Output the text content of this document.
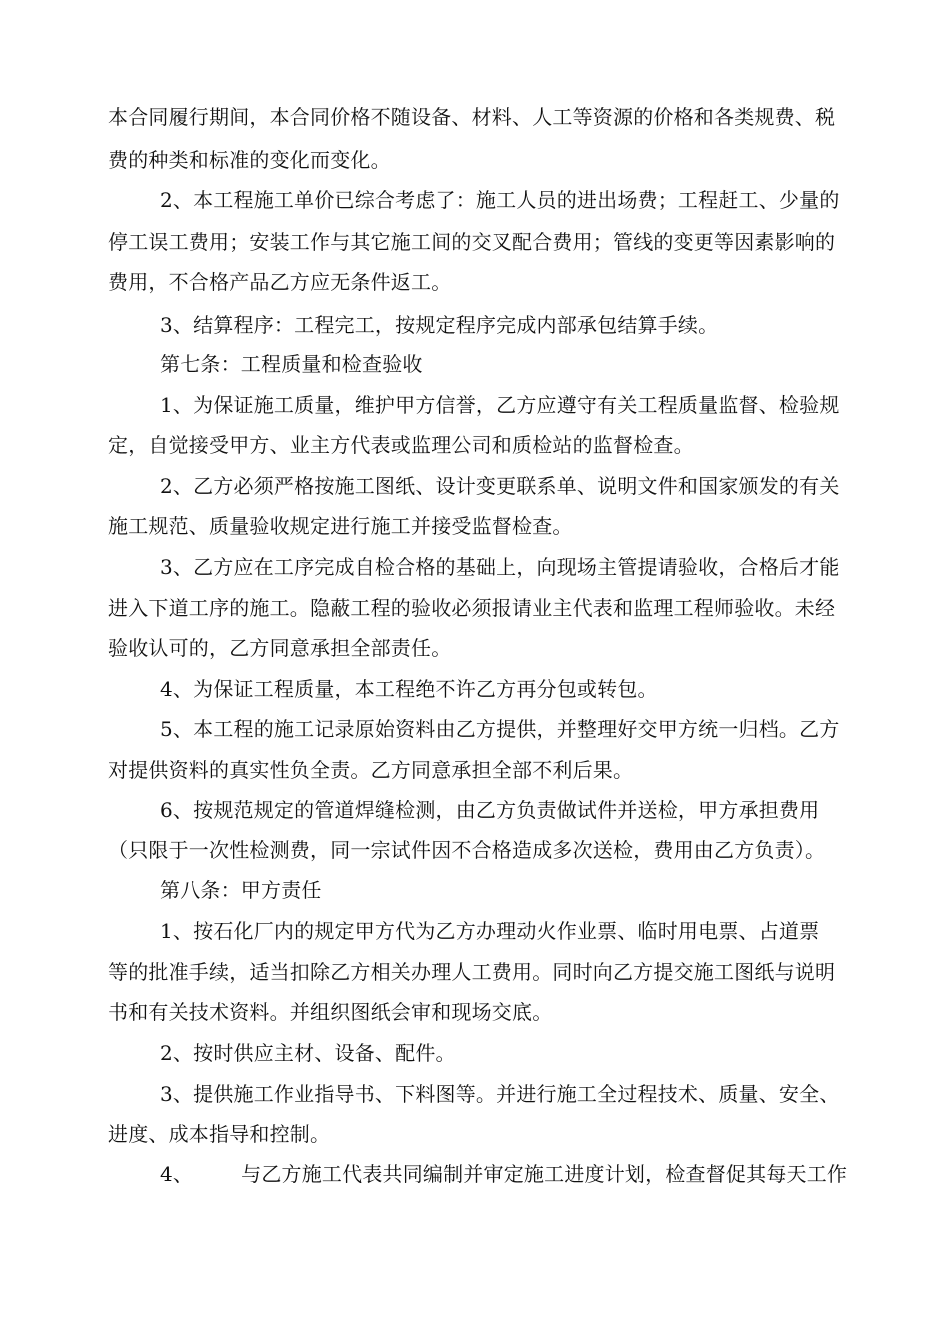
本合同履行期间，本合同价格不随设备、材料、人工等资源的价格和各类规费、税
费的种类和标准的变化而变化。
2、本工程施工单价已综合考虑了：施工人员的进出场费；工程赶工、少量的
停工误工费用；安装工作与其它施工间的交叉配合费用；管线的变更等因素影响的
费用，不合格产品乙方应无条件返工。
3、结算程序：工程完工，按规定程序完成内部承包结算手续。
第七条：工程质量和检查验收
1、为保证施工质量，维护甲方信誉，乙方应遵守有关工程质量监督、检验规
定，自觉接受甲方、业主方代表或监理公司和质检站的监督检查。
2、乙方必须严格按施工图纸、设计变更联系单、说明文件和国家颁发的有关
施工规范、质量验收规定进行施工并接受监督检查。
3、乙方应在工序完成自检合格的基础上，向现场主管提请验收，合格后才能
进入下道工序的施工。隐蔽工程的验收必须报请业主代表和监理工程师验收。未经
验收认可的，乙方同意承担全部责任。
4、为保证工程质量，本工程绝不许乙方再分包或转包。
5、本工程的施工记录原始资料由乙方提供，并整理好交甲方统一归档。乙方
对提供资料的真实性负全责。乙方同意承担全部不利后果。
6、按规范规定的管道焊缝检测，由乙方负责做试件并送检，甲方承担费用
（只限于一次性检测费，同一宗试件因不合格造成多次送检，费用由乙方负责）。
第八条：甲方责任
1、按石化厂内的规定甲方代为乙方办理动火作业票、临时用电票、占道票
等的批准手续，适当扣除乙方相关办理人工费用。同时向乙方提交施工图纸与说明
书和有关技术资料。并组织图纸会审和现场交底。
2、按时供应主材、设备、配件。
3、提供施工作业指导书、下料图等。并进行施工全过程技术、质量、安全、
进度、成本指导和控制。
4、 与乙方施工代表共同编制并审定施工进度计划，检查督促其每天工作
